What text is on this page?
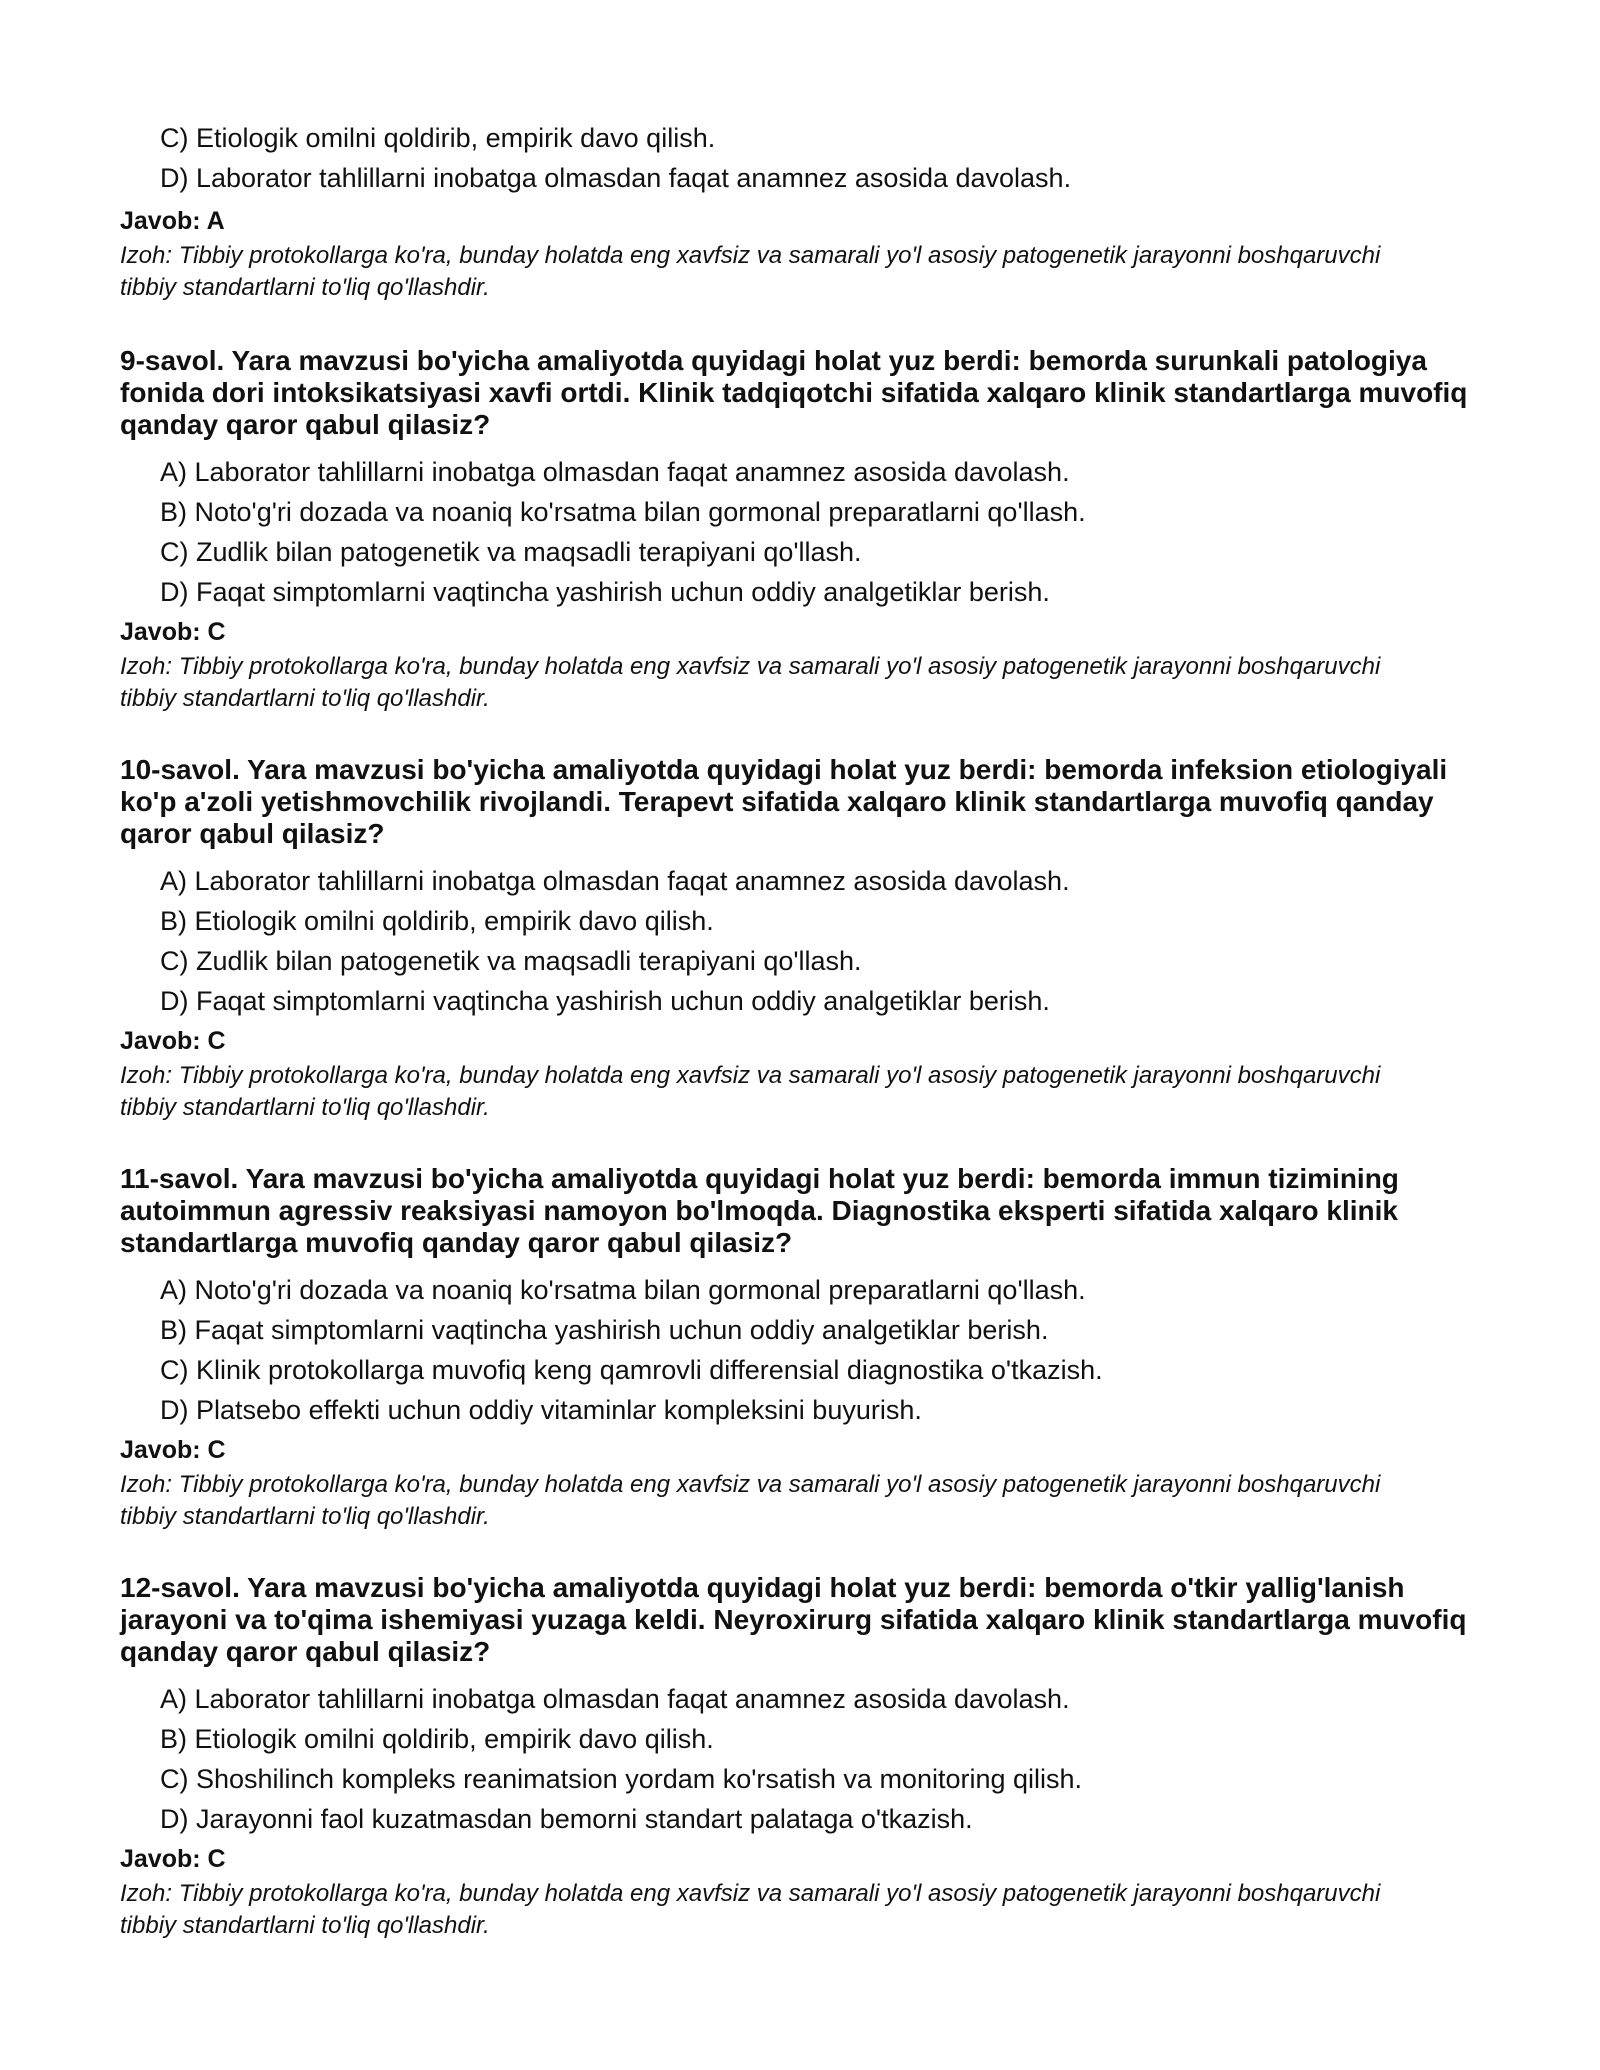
C) Etiologik omilni qoldirib, empirik davo qilish.
D) Laborator tahlillarni inobatga olmasdan faqat anamnez asosida davolash.

Javob: A

Izoh: Tibbiy protokollarga ko'ra, bunday holatda eng xavfsiz va samarali yo'l asosiy patogenetik jarayonni boshqaruvchi tibbiy standartlarni to'liq qo'llashdir.

9-savol. Yara mavzusi bo'yicha amaliyotda quyidagi holat yuz berdi: bemorda surunkali patologiya fonida dori intoksikatsiyasi xavfi ortdi. Klinik tadqiqotchi sifatida xalqaro klinik standartlarga muvofiq qanday qaror qabul qilasiz?

A) Laborator tahlillarni inobatga olmasdan faqat anamnez asosida davolash.
B) Noto'g'ri dozada va noaniq ko'rsatma bilan gormonal preparatlarni qo'llash.
C) Zudlik bilan patogenetik va maqsadli terapiyani qo'llash.
D) Faqat simptomlarni vaqtincha yashirish uchun oddiy analgetiklar berish.

Javob: C

Izoh: Tibbiy protokollarga ko'ra, bunday holatda eng xavfsiz va samarali yo'l asosiy patogenetik jarayonni boshqaruvchi tibbiy standartlarni to'liq qo'llashdir.

10-savol. Yara mavzusi bo'yicha amaliyotda quyidagi holat yuz berdi: bemorda infeksion etiologiyali ko'p a'zoli yetishmovchilik rivojlandi. Terapevt sifatida xalqaro klinik standartlarga muvofiq qanday qaror qabul qilasiz?

A) Laborator tahlillarni inobatga olmasdan faqat anamnez asosida davolash.
B) Etiologik omilni qoldirib, empirik davo qilish.
C) Zudlik bilan patogenetik va maqsadli terapiyani qo'llash.
D) Faqat simptomlarni vaqtincha yashirish uchun oddiy analgetiklar berish.

Javob: C

Izoh: Tibbiy protokollarga ko'ra, bunday holatda eng xavfsiz va samarali yo'l asosiy patogenetik jarayonni boshqaruvchi tibbiy standartlarni to'liq qo'llashdir.

11-savol. Yara mavzusi bo'yicha amaliyotda quyidagi holat yuz berdi: bemorda immun tizimining autoimmun agressiv reaksiyasi namoyon bo'lmoqda. Diagnostika eksperti sifatida xalqaro klinik standartlarga muvofiq qanday qaror qabul qilasiz?

A) Noto'g'ri dozada va noaniq ko'rsatma bilan gormonal preparatlarni qo'llash.
B) Faqat simptomlarni vaqtincha yashirish uchun oddiy analgetiklar berish.
C) Klinik protokollarga muvofiq keng qamrovli differensial diagnostika o'tkazish.
D) Platsebo effekti uchun oddiy vitaminlar kompleksini buyurish.

Javob: C

Izoh: Tibbiy protokollarga ko'ra, bunday holatda eng xavfsiz va samarali yo'l asosiy patogenetik jarayonni boshqaruvchi tibbiy standartlarni to'liq qo'llashdir.

12-savol. Yara mavzusi bo'yicha amaliyotda quyidagi holat yuz berdi: bemorda o'tkir yallig'lanish jarayoni va to'qima ishemiyasi yuzaga keldi. Neyroxirurg sifatida xalqaro klinik standartlarga muvofiq qanday qaror qabul qilasiz?

A) Laborator tahlillarni inobatga olmasdan faqat anamnez asosida davolash.
B) Etiologik omilni qoldirib, empirik davo qilish.
C) Shoshilinch kompleks reanimatsion yordam ko'rsatish va monitoring qilish.
D) Jarayonni faol kuzatmasdan bemorni standart palataga o'tkazish.

Javob: C

Izoh: Tibbiy protokollarga ko'ra, bunday holatda eng xavfsiz va samarali yo'l asosiy patogenetik jarayonni boshqaruvchi tibbiy standartlarni to'liq qo'llashdir.
